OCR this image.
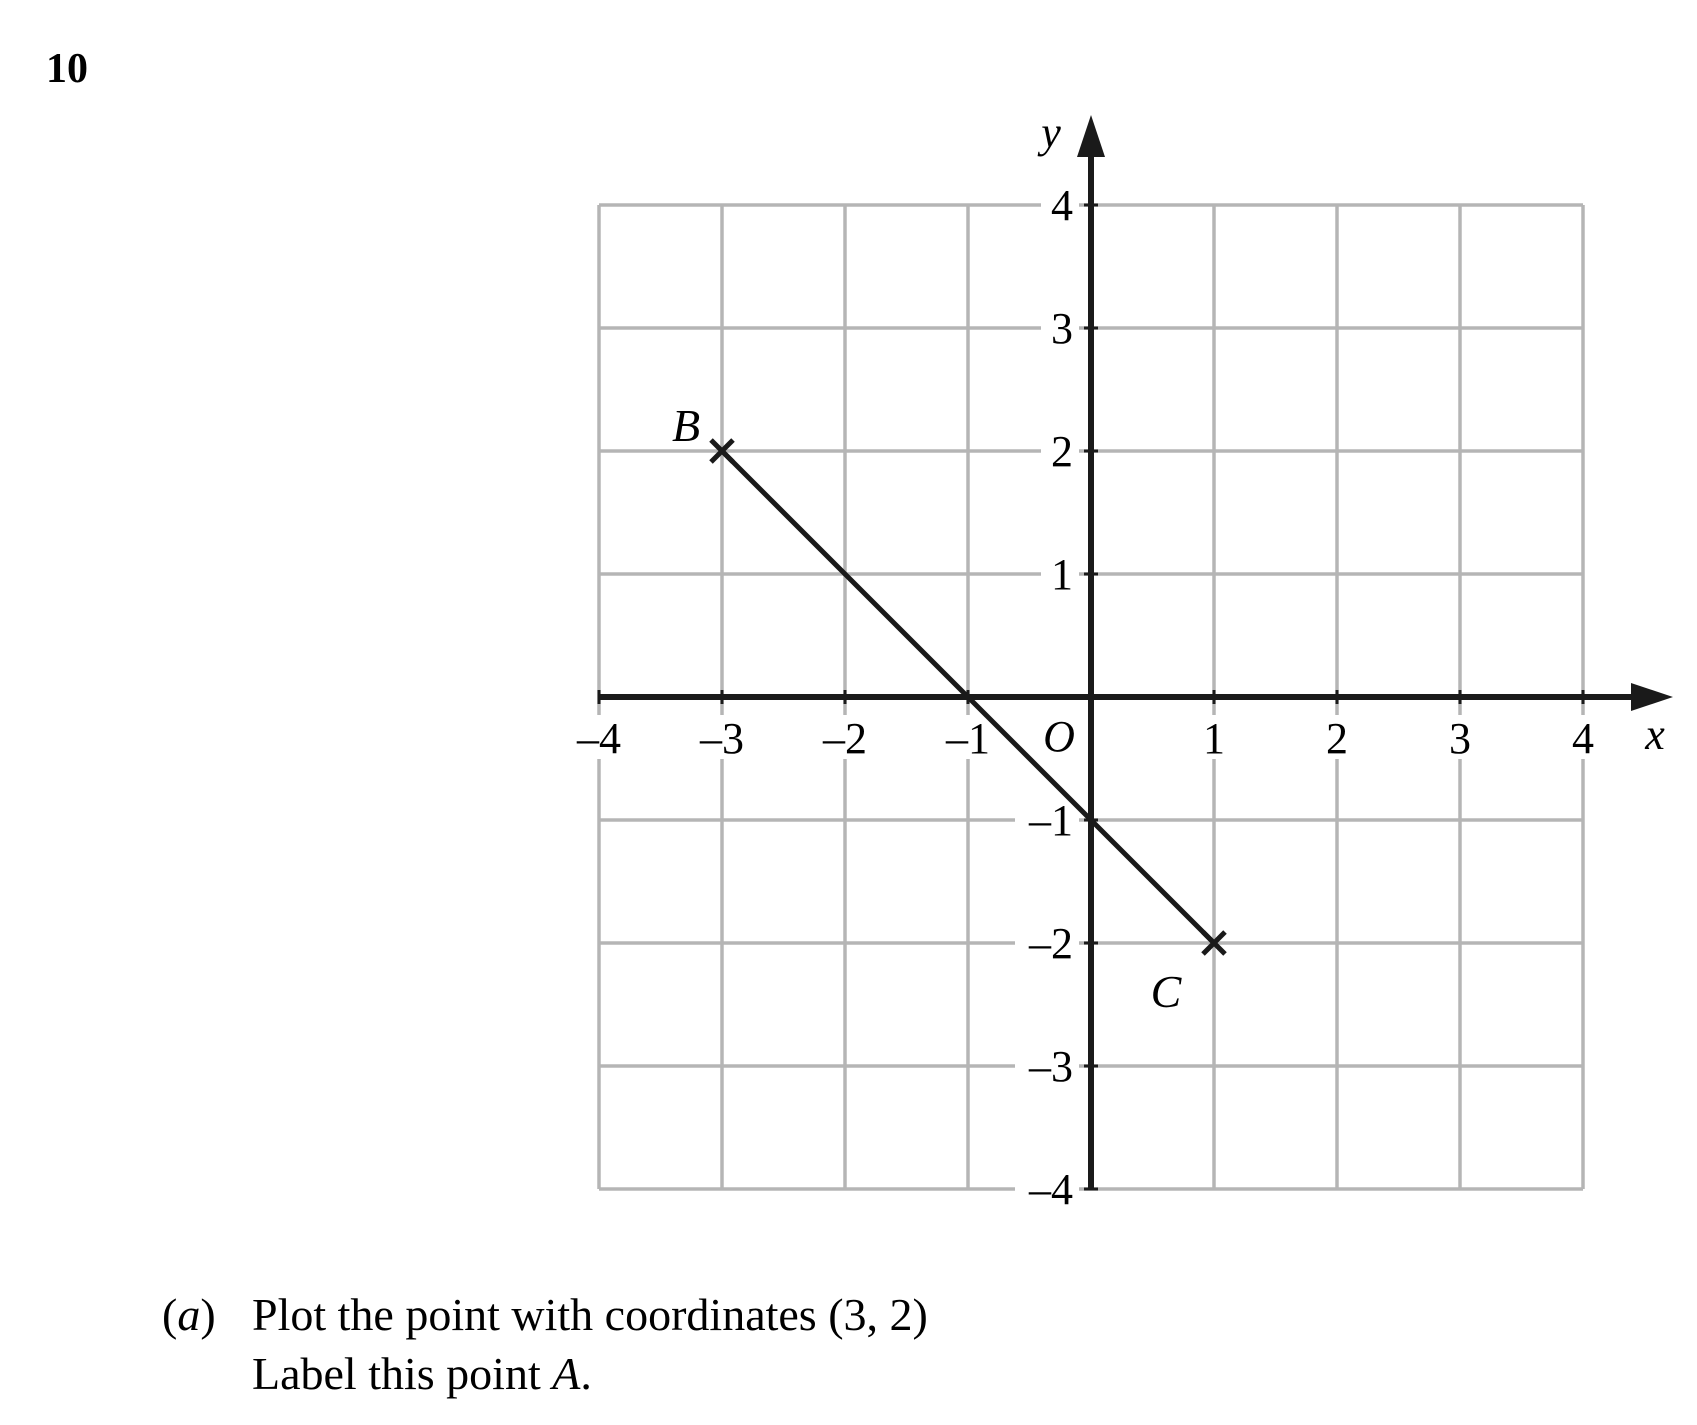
10
–4 –3 –2 –1	1 2 3 4
4
3
2
1
–1
–2
–3
–4
x
y
O
B
C
(a) Plot the point with coordinates (3, 2)
Label this point A.
